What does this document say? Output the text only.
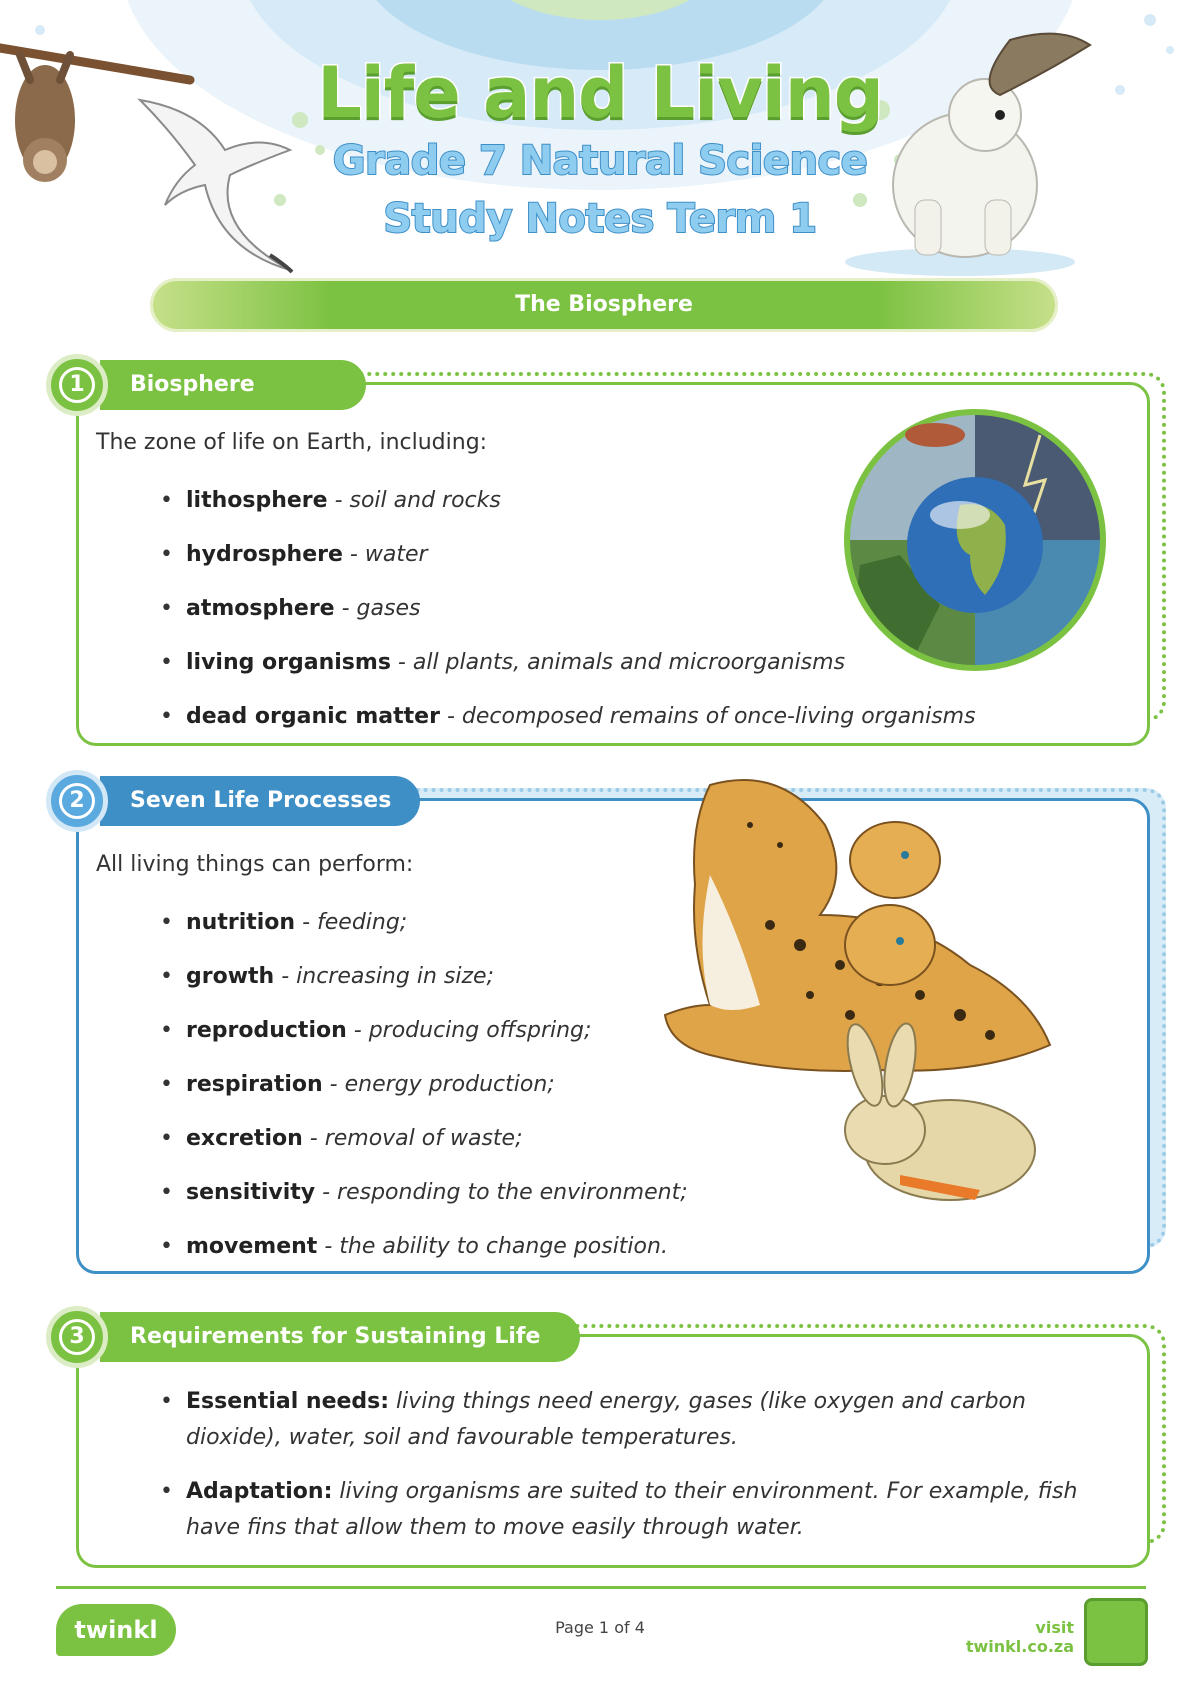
Life and Living
Grade 7 Natural Science
Study Notes Term 1
The Biosphere
Biosphere
1
The zone of life on Earth, including:
• lithosphere - soil and rocks
• hydrosphere - water
• atmosphere - gases
• living organisms - all plants, animals and microorganisms
• dead organic matter - decomposed remains of once-living organisms
Seven Life Processes
2
All living things can perform:
• nutrition - feeding;
• growth - increasing in size;
• reproduction - producing offspring;
• respiration - energy production;
• excretion - removal of waste;
• sensitivity - responding to the environment;
• movement - the ability to change position.
Requirements for Sustaining Life
3
• Essential needs: living things need energy, gases (like oxygen and carbon dioxide), water, soil and favourable temperatures.
• Adaptation: living organisms are suited to their environment. For example, fish have fins that allow them to move easily through water.
twinkl	Page 1 of 4	visit twinkl.co.za
